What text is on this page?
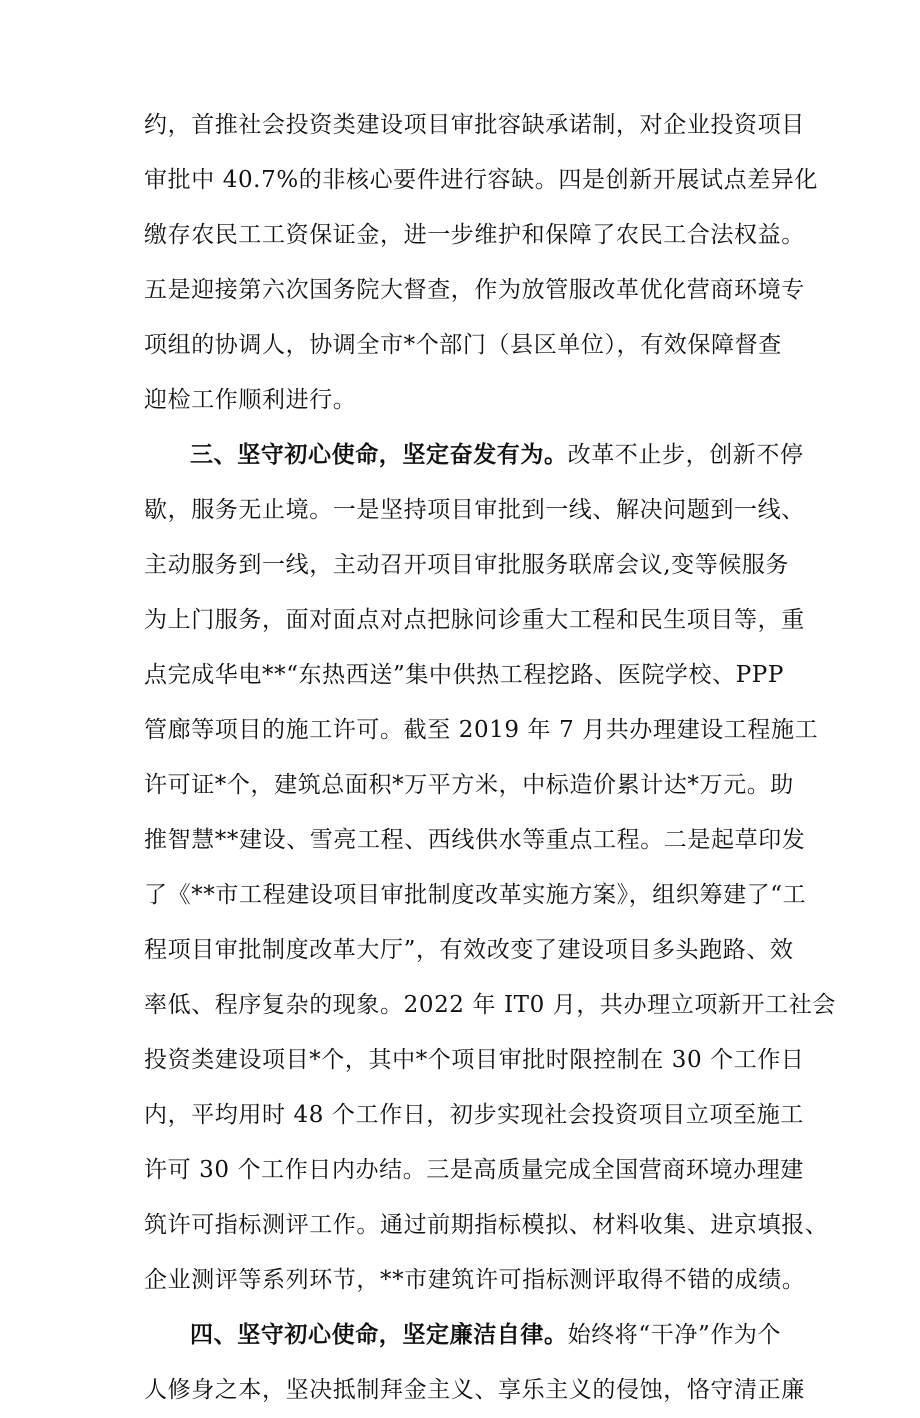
约，首推社会投资类建设项目审批容缺承诺制，对企业投资项目
审批中 40.7%的非核心要件进行容缺。四是创新开展试点差异化
缴存农民工工资保证金，进一步维护和保障了农民工合法权益。
五是迎接第六次国务院大督查，作为放管服改革优化营商环境专
项组的协调人，协调全市*个部门（县区单位），有效保障督查
迎检工作顺利进行。
三、坚守初心使命，坚定奋发有为。改革不止步，创新不停
歇，服务无止境。一是坚持项目审批到一线、解决问题到一线、
主动服务到一线，主动召开项目审批服务联席会议,变等候服务
为上门服务，面对面点对点把脉问诊重大工程和民生项目等，重
点完成华电**“东热西送”集中供热工程挖路、医院学校、PPP
管廊等项目的施工许可。截至 2019 年 7 月共办理建设工程施工
许可证*个，建筑总面积*万平方米，中标造价累计达*万元。助
推智慧**建设、雪亮工程、西线供水等重点工程。二是起草印发
了《**市工程建设项目审批制度改革实施方案》，组织筹建了“工
程项目审批制度改革大厅”，有效改变了建设项目多头跑路、效
率低、程序复杂的现象。2022 年 IT0 月，共办理立项新开工社会
投资类建设项目*个，其中*个项目审批时限控制在 30 个工作日
内，平均用时 48 个工作日，初步实现社会投资项目立项至施工
许可 30 个工作日内办结。三是高质量完成全国营商环境办理建
筑许可指标测评工作。通过前期指标模拟、材料收集、进京填报、
企业测评等系列环节，**市建筑许可指标测评取得不错的成绩。
四、坚守初心使命，坚定廉洁自律。始终将“干净”作为个
人修身之本，坚决抵制拜金主义、享乐主义的侵蚀，恪守清正廉
